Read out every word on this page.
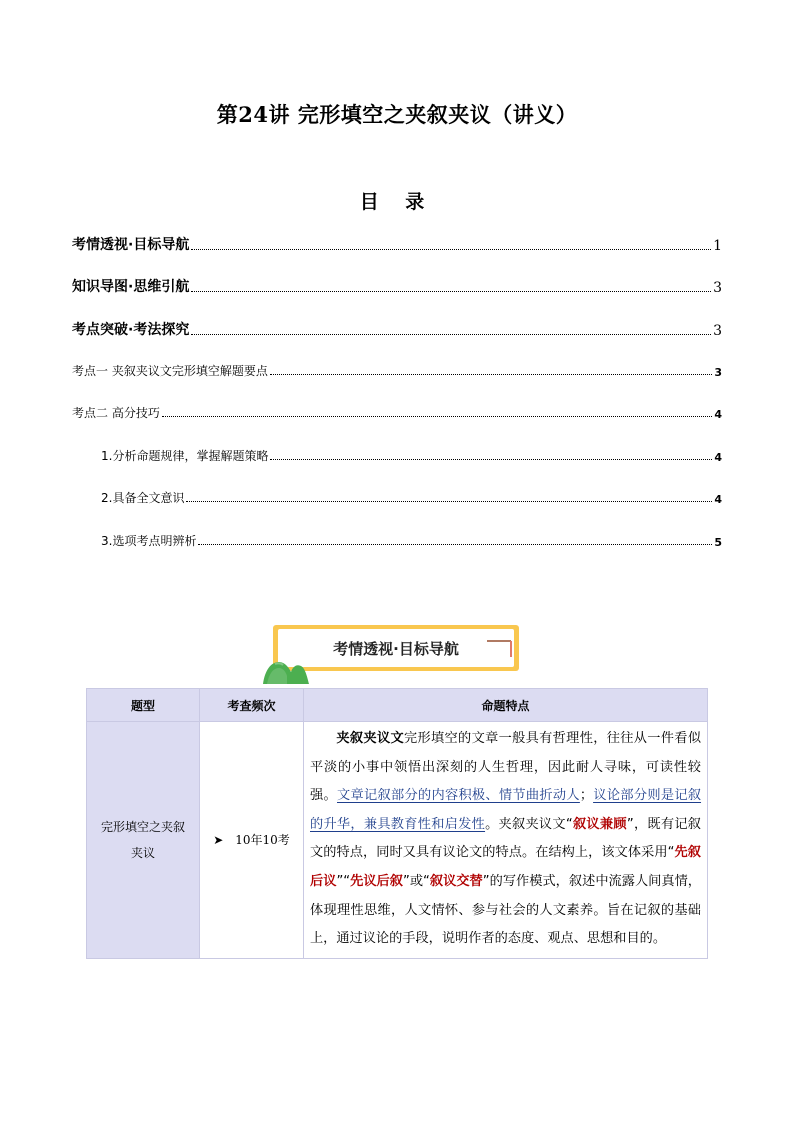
第24讲 完形填空之夹叙夹议（讲义）
目 录
考情透视·目标导航	1
知识导图·思维引航	3
考点突破·考法探究	3
考点一 夹叙夹议文完形填空解题要点	3
考点二 高分技巧	4
1.分析命题规律，掌握解题策略	4
2.具备全文意识	4
3.选项考点明辨析	5
考情透视·目标导航
题型	考查频次	命题特点
完形填空之夹叙夹议	➤ 10年10考	夹叙夹议文完形填空的文章一般具有哲理性，往往从一件看似平淡的小事中领悟出深刻的人生哲理，因此耐人寻味，可读性较强。文章记叙部分的内容积极、情节曲折动人；议论部分则是记叙的升华，兼具教育性和启发性。夹叙夹议文“叙议兼顾”，既有记叙文的特点，同时又具有议论文的特点。在结构上，该文体采用“先叙后议”“先议后叙”或“叙议交替”的写作模式，叙述中流露人间真情，体现理性思维，人文情怀、参与社会的人文素养。旨在记叙的基础上，通过议论的手段，说明作者的态度、观点、思想和目的。
